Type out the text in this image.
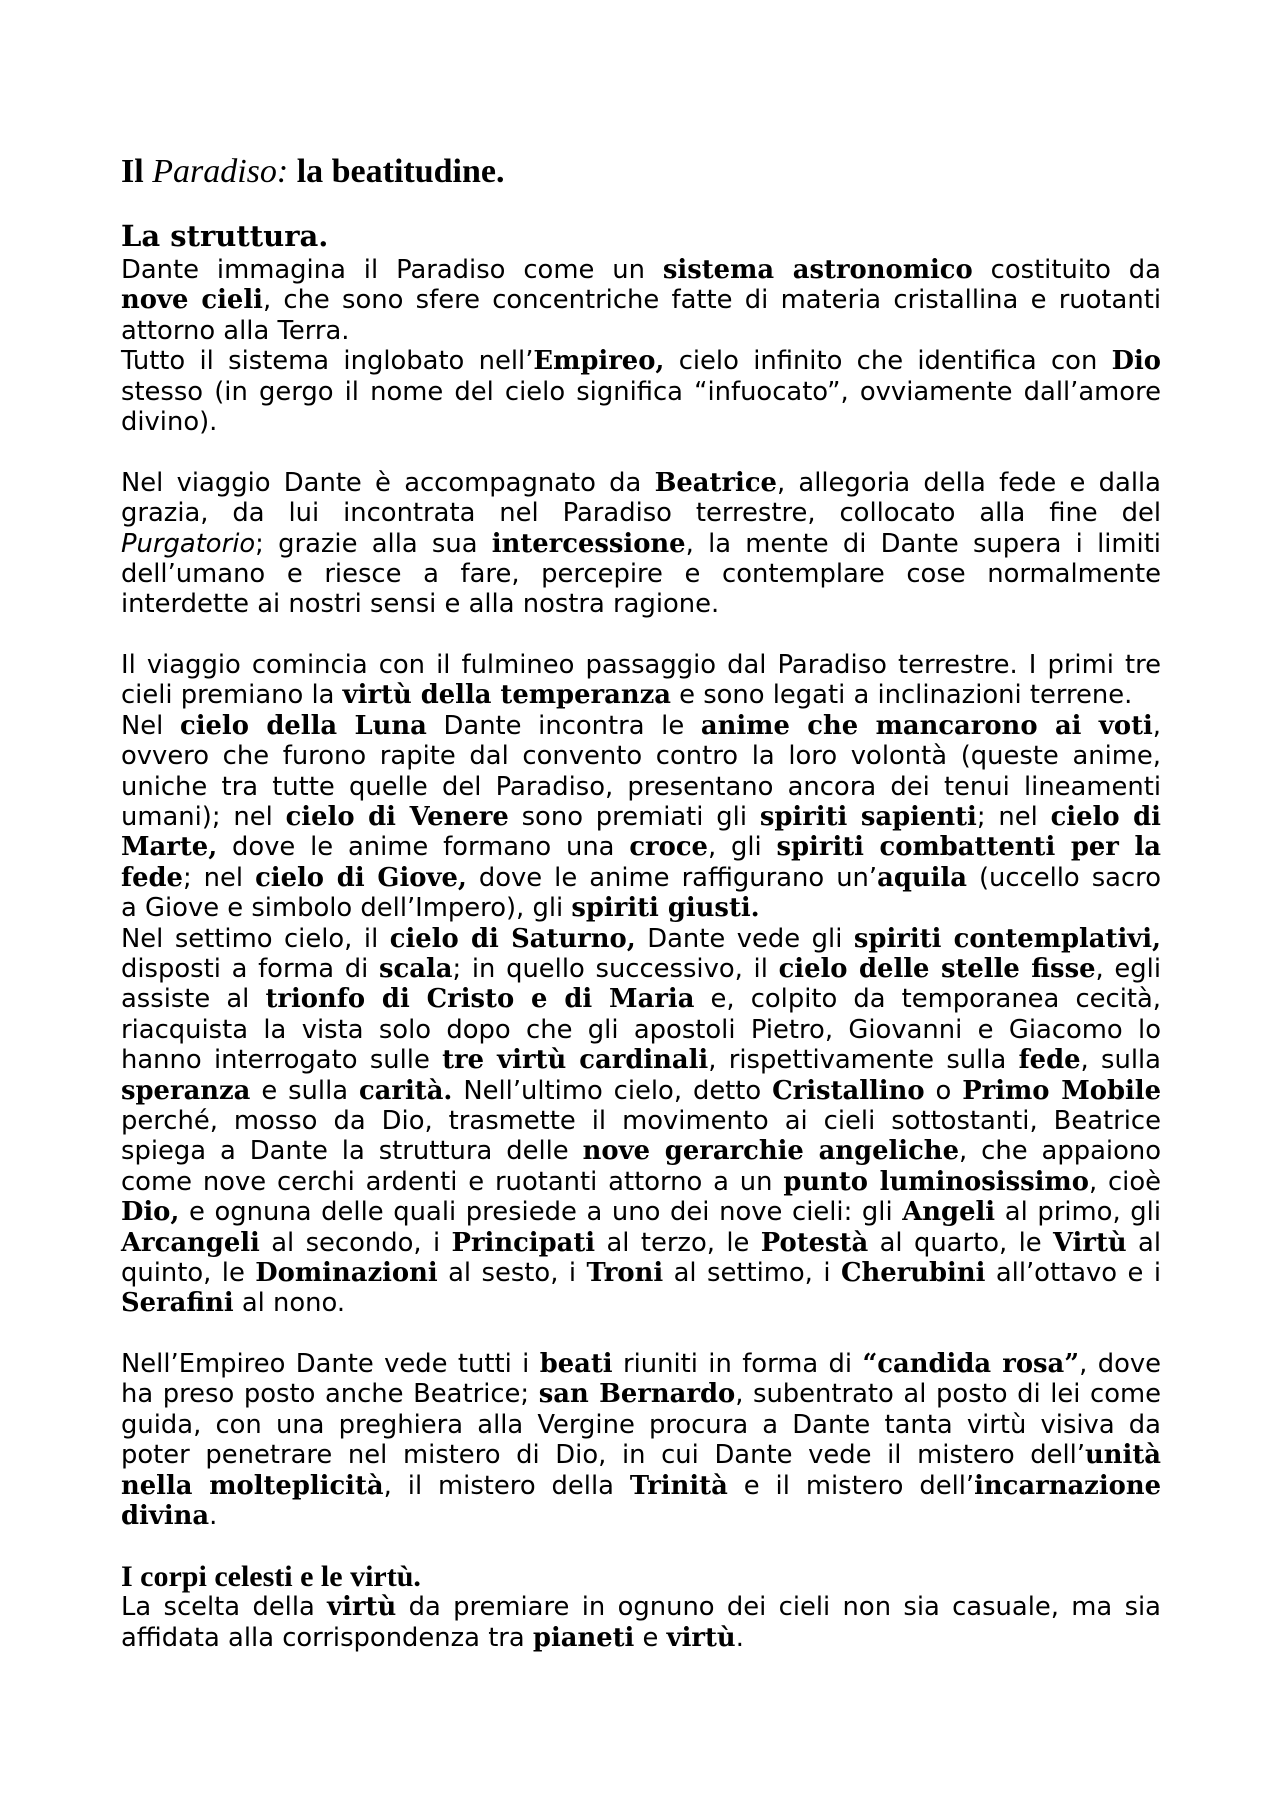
Il Paradiso: la beatitudine.
La struttura.
Dante immagina il Paradiso come un sistema astronomico costituito da
nove cieli, che sono sfere concentriche fatte di materia cristallina e ruotanti
attorno alla Terra.
Tutto il sistema inglobato nell’Empireo, cielo infinito che identifica con Dio
stesso (in gergo il nome del cielo significa “infuocato”, ovviamente dall’amore
divino).
Nel viaggio Dante è accompagnato da Beatrice, allegoria della fede e dalla
grazia, da lui incontrata nel Paradiso terrestre, collocato alla fine del
Purgatorio; grazie alla sua intercessione, la mente di Dante supera i limiti
dell’umano e riesce a fare, percepire e contemplare cose normalmente
interdette ai nostri sensi e alla nostra ragione.
Il viaggio comincia con il fulmineo passaggio dal Paradiso terrestre. I primi tre
cieli premiano la virtù della temperanza e sono legati a inclinazioni terrene.
Nel cielo della Luna Dante incontra le anime che mancarono ai voti,
ovvero che furono rapite dal convento contro la loro volontà (queste anime,
uniche tra tutte quelle del Paradiso, presentano ancora dei tenui lineamenti
umani); nel cielo di Venere sono premiati gli spiriti sapienti; nel cielo di
Marte, dove le anime formano una croce, gli spiriti combattenti per la
fede; nel cielo di Giove, dove le anime raffigurano un’aquila (uccello sacro
a Giove e simbolo dell’Impero), gli spiriti giusti.
Nel settimo cielo, il cielo di Saturno, Dante vede gli spiriti contemplativi,
disposti a forma di scala; in quello successivo, il cielo delle stelle fisse, egli
assiste al trionfo di Cristo e di Maria e, colpito da temporanea cecità,
riacquista la vista solo dopo che gli apostoli Pietro, Giovanni e Giacomo lo
hanno interrogato sulle tre virtù cardinali, rispettivamente sulla fede, sulla
speranza e sulla carità. Nell’ultimo cielo, detto Cristallino o Primo Mobile
perché, mosso da Dio, trasmette il movimento ai cieli sottostanti, Beatrice
spiega a Dante la struttura delle nove gerarchie angeliche, che appaiono
come nove cerchi ardenti e ruotanti attorno a un punto luminosissimo, cioè
Dio, e ognuna delle quali presiede a uno dei nove cieli: gli Angeli al primo, gli
Arcangeli al secondo, i Principati al terzo, le Potestà al quarto, le Virtù al
quinto, le Dominazioni al sesto, i Troni al settimo, i Cherubini all’ottavo e i
Serafini al nono.
Nell’Empireo Dante vede tutti i beati riuniti in forma di “candida rosa”, dove
ha preso posto anche Beatrice; san Bernardo, subentrato al posto di lei come
guida, con una preghiera alla Vergine procura a Dante tanta virtù visiva da
poter penetrare nel mistero di Dio, in cui Dante vede il mistero dell’unità
nella molteplicità, il mistero della Trinità e il mistero dell’incarnazione
divina.
I corpi celesti e le virtù.
La scelta della virtù da premiare in ognuno dei cieli non sia casuale, ma sia
affidata alla corrispondenza tra pianeti e virtù.
